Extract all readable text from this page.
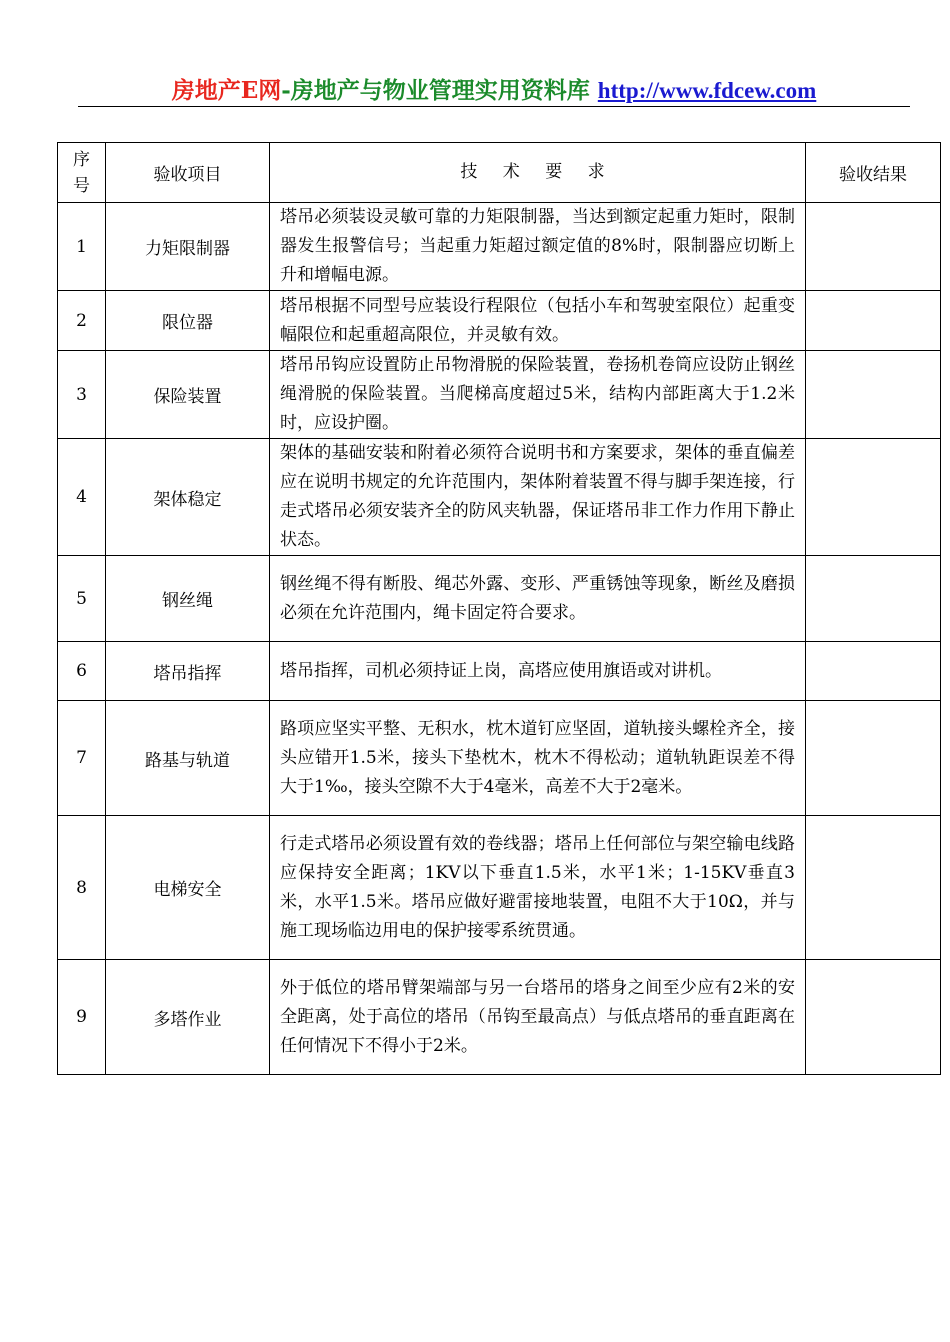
房地产E网-房地产与物业管理实用资料库 http://www.fdcew.com
序
号	验收项目	技 术 要 求	验收结果
1	力矩限制器	塔吊必须装设灵敏可靠的力矩限制器，当达到额定起重力矩时，限制器发生报警信号；当起重力矩超过额定值的8%时，限制器应切断上升和增幅电源。	
2	限位器	塔吊根据不同型号应装设行程限位（包括小车和驾驶室限位）起重变幅限位和起重超高限位，并灵敏有效。	
3	保险装置	塔吊吊钩应设置防止吊物滑脱的保险装置，卷扬机卷筒应设防止钢丝绳滑脱的保险装置。当爬梯高度超过5米，结构内部距离大于1.2米时，应设护圈。	
4	架体稳定	架体的基础安装和附着必须符合说明书和方案要求，架体的垂直偏差应在说明书规定的允许范围内，架体附着装置不得与脚手架连接，行走式塔吊必须安装齐全的防风夹轨器，保证塔吊非工作力作用下静止状态。	
5	钢丝绳	钢丝绳不得有断股、绳芯外露、变形、严重锈蚀等现象，断丝及磨损必须在允许范围内，绳卡固定符合要求。	
6	塔吊指挥	塔吊指挥，司机必须持证上岗，高塔应使用旗语或对讲机。	
7	路基与轨道	路项应坚实平整、无积水，枕木道钉应坚固，道轨接头螺栓齐全，接头应错开1.5米，接头下垫枕木，枕木不得松动；道轨轨距误差不得大于1‰，接头空隙不大于4毫米，高差不大于2毫米。	
8	电梯安全	行走式塔吊必须设置有效的卷线器；塔吊上任何部位与架空输电线路应保持安全距离；1KV以下垂直1.5米，水平1米；1-15KV垂直3米，水平1.5米。塔吊应做好避雷接地装置，电阻不大于10Ω，并与施工现场临边用电的保护接零系统贯通。	
9	多塔作业	外于低位的塔吊臂架端部与另一台塔吊的塔身之间至少应有2米的安全距离，处于高位的塔吊（吊钩至最高点）与低点塔吊的垂直距离在任何情况下不得小于2米。	
